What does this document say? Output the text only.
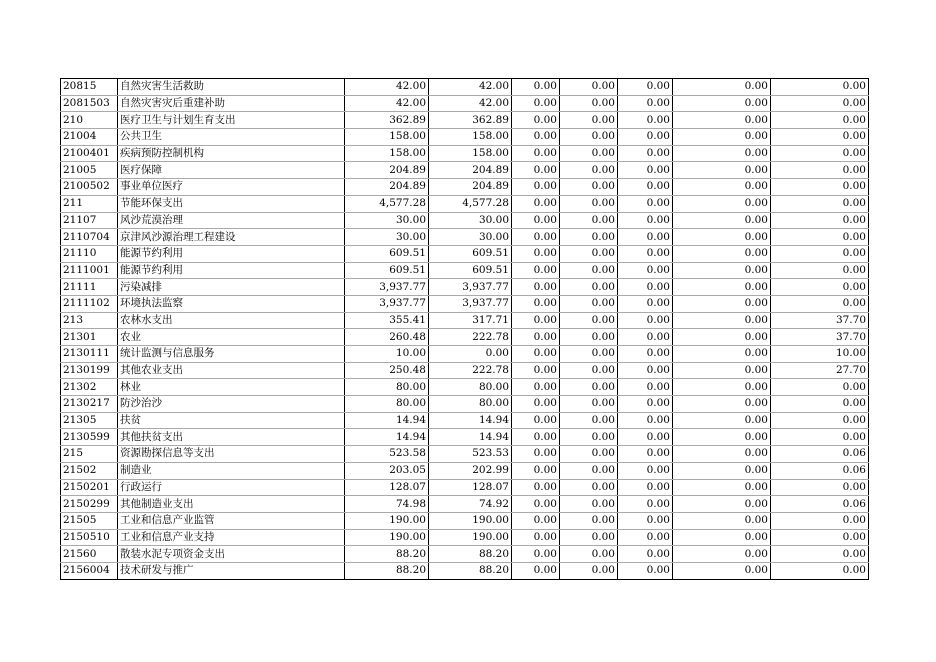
20815	自然灾害生活救助	42.00	42.00	0.00	0.00	0.00	0.00	0.00
2081503	自然灾害灾后重建补助	42.00	42.00	0.00	0.00	0.00	0.00	0.00
210	医疗卫生与计划生育支出	362.89	362.89	0.00	0.00	0.00	0.00	0.00
21004	公共卫生	158.00	158.00	0.00	0.00	0.00	0.00	0.00
2100401	疾病预防控制机构	158.00	158.00	0.00	0.00	0.00	0.00	0.00
21005	医疗保障	204.89	204.89	0.00	0.00	0.00	0.00	0.00
2100502	事业单位医疗	204.89	204.89	0.00	0.00	0.00	0.00	0.00
211	节能环保支出	4,577.28	4,577.28	0.00	0.00	0.00	0.00	0.00
21107	风沙荒漠治理	30.00	30.00	0.00	0.00	0.00	0.00	0.00
2110704	京津风沙源治理工程建设	30.00	30.00	0.00	0.00	0.00	0.00	0.00
21110	能源节约利用	609.51	609.51	0.00	0.00	0.00	0.00	0.00
2111001	能源节约利用	609.51	609.51	0.00	0.00	0.00	0.00	0.00
21111	污染减排	3,937.77	3,937.77	0.00	0.00	0.00	0.00	0.00
2111102	环境执法监察	3,937.77	3,937.77	0.00	0.00	0.00	0.00	0.00
213	农林水支出	355.41	317.71	0.00	0.00	0.00	0.00	37.70
21301	农业	260.48	222.78	0.00	0.00	0.00	0.00	37.70
2130111	统计监测与信息服务	10.00	0.00	0.00	0.00	0.00	0.00	10.00
2130199	其他农业支出	250.48	222.78	0.00	0.00	0.00	0.00	27.70
21302	林业	80.00	80.00	0.00	0.00	0.00	0.00	0.00
2130217	防沙治沙	80.00	80.00	0.00	0.00	0.00	0.00	0.00
21305	扶贫	14.94	14.94	0.00	0.00	0.00	0.00	0.00
2130599	其他扶贫支出	14.94	14.94	0.00	0.00	0.00	0.00	0.00
215	资源勘探信息等支出	523.58	523.53	0.00	0.00	0.00	0.00	0.06
21502	制造业	203.05	202.99	0.00	0.00	0.00	0.00	0.06
2150201	行政运行	128.07	128.07	0.00	0.00	0.00	0.00	0.00
2150299	其他制造业支出	74.98	74.92	0.00	0.00	0.00	0.00	0.06
21505	工业和信息产业监管	190.00	190.00	0.00	0.00	0.00	0.00	0.00
2150510	工业和信息产业支持	190.00	190.00	0.00	0.00	0.00	0.00	0.00
21560	散装水泥专项资金支出	88.20	88.20	0.00	0.00	0.00	0.00	0.00
2156004	技术研发与推广	88.20	88.20	0.00	0.00	0.00	0.00	0.00
